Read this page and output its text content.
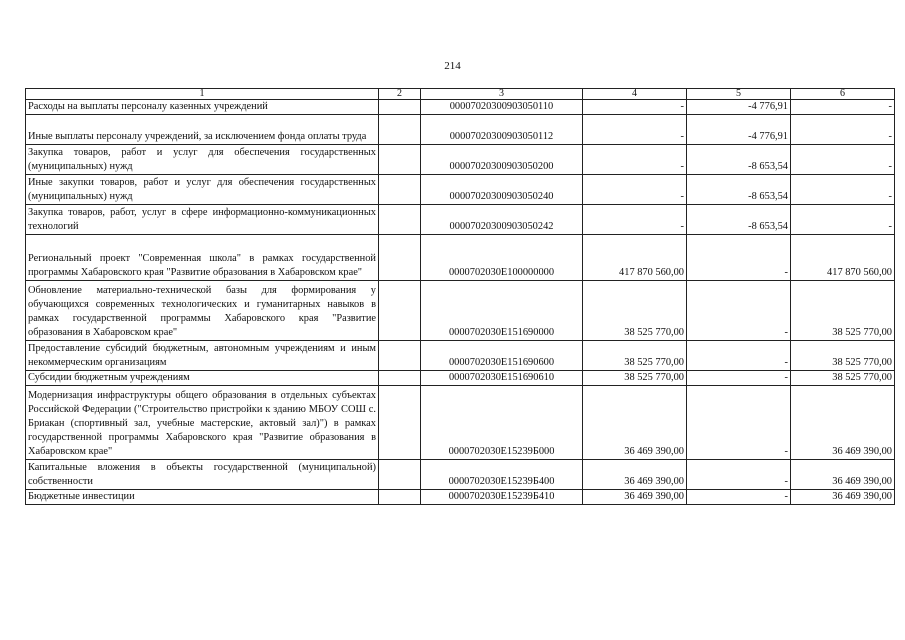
214
1	2	3	4	5	6
Расходы на выплаты персоналу казенных учреждений		00007020300903050110	-	-4 776,91	-
Иные выплаты персоналу учреждений, за исключением фонда оплаты труда		00007020300903050112	-	-4 776,91	-
Закупка товаров, работ и услуг для обеспечения государственных (муниципальных) нужд		00007020300903050200	-	-8 653,54	-
Иные закупки товаров, работ и услуг для обеспечения государственных (муниципальных) нужд		00007020300903050240	-	-8 653,54	-
Закупка товаров, работ, услуг в сфере информационно-коммуникационных технологий		00007020300903050242	-	-8 653,54	-
Региональный проект "Современная школа" в рамках государственной программы Хабаровского края "Развитие образования в Хабаровском крае"		0000702030E100000000	417 870 560,00	-	417 870 560,00
Обновление материально-технической базы для формирования у обучающихся современных технологических и гуманитарных навыков в рамках государственной программы Хабаровского края "Развитие образования в Хабаровском крае"		0000702030E151690000	38 525 770,00	-	38 525 770,00
Предоставление субсидий бюджетным, автономным учреждениям и иным некоммерческим организациям		0000702030E151690600	38 525 770,00	-	38 525 770,00
Субсидии бюджетным учреждениям		0000702030E151690610	38 525 770,00	-	38 525 770,00
Модернизация инфраструктуры общего образования в отдельных субъектах Российской Федерации ("Строительство пристройки к зданию МБОУ СОШ с. Бриакан (спортивный зал, учебные мастерские, актовый зал)") в рамках государственной программы Хабаровского края "Развитие образования в Хабаровском крае"		0000702030E15239Б000	36 469 390,00	-	36 469 390,00
Капитальные вложения в объекты государственной (муниципальной) собственности		0000702030E15239Б400	36 469 390,00	-	36 469 390,00
Бюджетные инвестиции		0000702030E15239Б410	36 469 390,00	-	36 469 390,00
